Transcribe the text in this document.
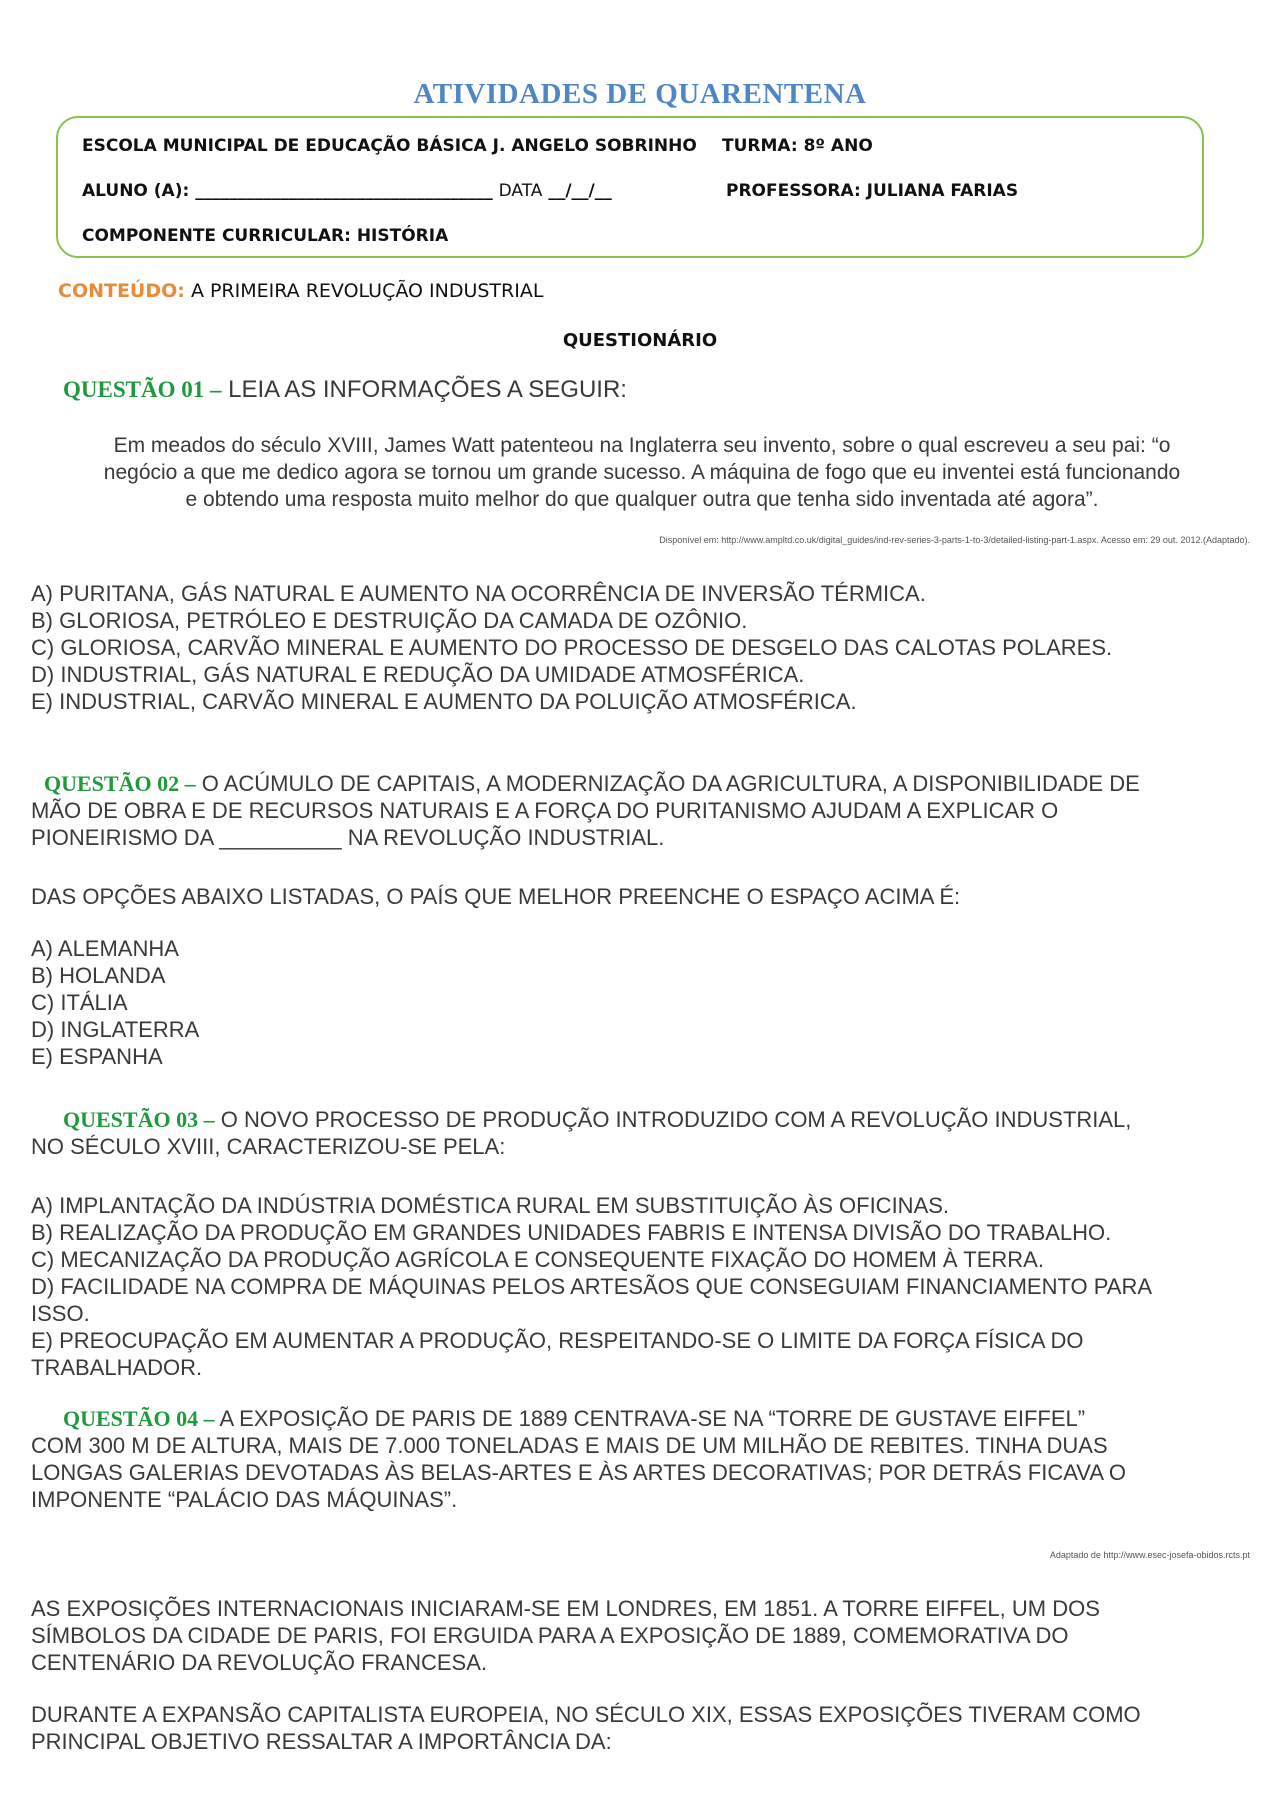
ATIVIDADES DE QUARENTENA
ESCOLA MUNICIPAL DE EDUCAÇÃO BÁSICA J. ANGELO SOBRINHO TURMA: 8º ANO
ALUNO (A): ___________________________________ DATA __/__/__	PROFESSORA: JULIANA FARIAS
COMPONENTE CURRICULAR: HISTÓRIA
CONTEÚDO: A PRIMEIRA REVOLUÇÃO INDUSTRIAL
QUESTIONÁRIO
QUESTÃO 01 – LEIA AS INFORMAÇÕES A SEGUIR:
Em meados do século XVIII, James Watt patenteou na Inglaterra seu invento, sobre o qual escreveu a seu pai: “o
negócio a que me dedico agora se tornou um grande sucesso. A máquina de fogo que eu inventei está funcionando
e obtendo uma resposta muito melhor do que qualquer outra que tenha sido inventada até agora”.
Disponível em: http://www.ampltd.co.uk/digital_guides/ind-rev-series-3-parts-1-to-3/detailed-listing-part-1.aspx. Acesso em: 29 out. 2012.(Adaptado).
A) PURITANA, GÁS NATURAL E AUMENTO NA OCORRÊNCIA DE INVERSÃO TÉRMICA.
B) GLORIOSA, PETRÓLEO E DESTRUIÇÃO DA CAMADA DE OZÔNIO.
C) GLORIOSA, CARVÃO MINERAL E AUMENTO DO PROCESSO DE DESGELO DAS CALOTAS POLARES.
D) INDUSTRIAL, GÁS NATURAL E REDUÇÃO DA UMIDADE ATMOSFÉRICA.
E) INDUSTRIAL, CARVÃO MINERAL E AUMENTO DA POLUIÇÃO ATMOSFÉRICA.
QUESTÃO 02 – O ACÚMULO DE CAPITAIS, A MODERNIZAÇÃO DA AGRICULTURA, A DISPONIBILIDADE DE
MÃO DE OBRA E DE RECURSOS NATURAIS E A FORÇA DO PURITANISMO AJUDAM A EXPLICAR O
PIONEIRISMO DA __________ NA REVOLUÇÃO INDUSTRIAL.
DAS OPÇÕES ABAIXO LISTADAS, O PAÍS QUE MELHOR PREENCHE O ESPAÇO ACIMA É:
A) ALEMANHA
B) HOLANDA
C) ITÁLIA
D) INGLATERRA
E) ESPANHA
QUESTÃO 03 – O NOVO PROCESSO DE PRODUÇÃO INTRODUZIDO COM A REVOLUÇÃO INDUSTRIAL,
NO SÉCULO XVIII, CARACTERIZOU-SE PELA:
A) IMPLANTAÇÃO DA INDÚSTRIA DOMÉSTICA RURAL EM SUBSTITUIÇÃO ÀS OFICINAS.
B) REALIZAÇÃO DA PRODUÇÃO EM GRANDES UNIDADES FABRIS E INTENSA DIVISÃO DO TRABALHO.
C) MECANIZAÇÃO DA PRODUÇÃO AGRÍCOLA E CONSEQUENTE FIXAÇÃO DO HOMEM À TERRA.
D) FACILIDADE NA COMPRA DE MÁQUINAS PELOS ARTESÃOS QUE CONSEGUIAM FINANCIAMENTO PARA
ISSO.
E) PREOCUPAÇÃO EM AUMENTAR A PRODUÇÃO, RESPEITANDO-SE O LIMITE DA FORÇA FÍSICA DO
TRABALHADOR.
QUESTÃO 04 – A EXPOSIÇÃO DE PARIS DE 1889 CENTRAVA-SE NA “TORRE DE GUSTAVE EIFFEL”
COM 300 M DE ALTURA, MAIS DE 7.000 TONELADAS E MAIS DE UM MILHÃO DE REBITES. TINHA DUAS
LONGAS GALERIAS DEVOTADAS ÀS BELAS-ARTES E ÀS ARTES DECORATIVAS; POR DETRÁS FICAVA O
IMPONENTE “PALÁCIO DAS MÁQUINAS”.
Adaptado de http://www.esec-josefa-obidos.rcts.pt
AS EXPOSIÇÕES INTERNACIONAIS INICIARAM-SE EM LONDRES, EM 1851. A TORRE EIFFEL, UM DOS
SÍMBOLOS DA CIDADE DE PARIS, FOI ERGUIDA PARA A EXPOSIÇÃO DE 1889, COMEMORATIVA DO
CENTENÁRIO DA REVOLUÇÃO FRANCESA.
DURANTE A EXPANSÃO CAPITALISTA EUROPEIA, NO SÉCULO XIX, ESSAS EXPOSIÇÕES TIVERAM COMO
PRINCIPAL OBJETIVO RESSALTAR A IMPORTÂNCIA DA:
